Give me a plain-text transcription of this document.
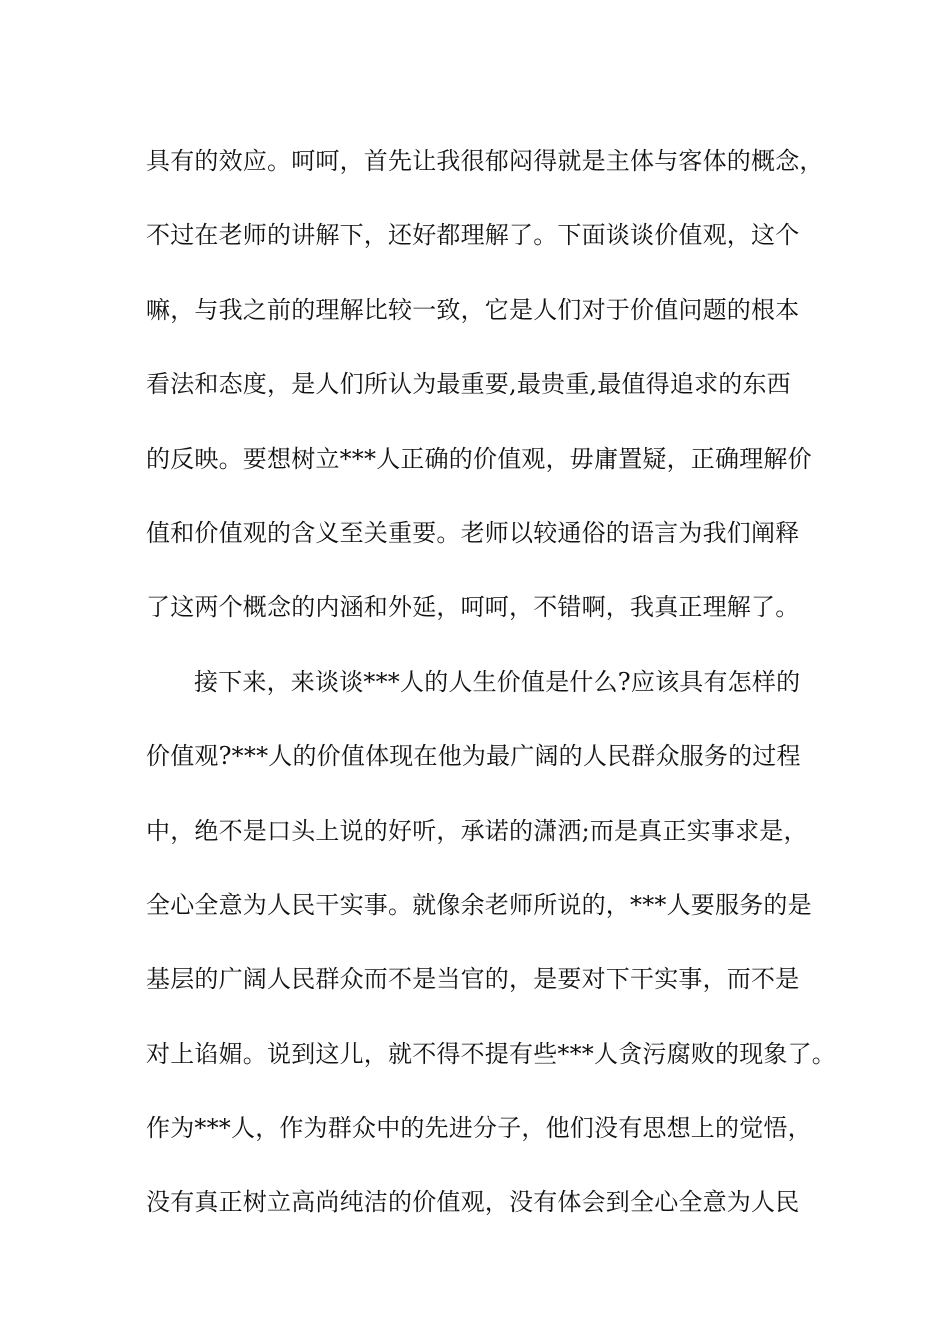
具有的效应。呵呵，首先让我很郁闷得就是主体与客体的概念，
不过在老师的讲解下，还好都理解了。下面谈谈价值观，这个
嘛，与我之前的理解比较一致，它是人们对于价值问题的根本
看法和态度，是人们所认为最重要,最贵重,最值得追求的东西
的反映。要想树立***人正确的价值观，毋庸置疑，正确理解价
值和价值观的含义至关重要。老师以较通俗的语言为我们阐释
了这两个概念的内涵和外延，呵呵，不错啊，我真正理解了。
接下来，来谈谈***人的人生价值是什么?应该具有怎样的
价值观?***人的价值体现在他为最广阔的人民群众服务的过程
中，绝不是口头上说的好听，承诺的潇洒;而是真正实事求是，
全心全意为人民干实事。就像余老师所说的，***人要服务的是
基层的广阔人民群众而不是当官的，是要对下干实事，而不是
对上谄媚。说到这儿，就不得不提有些***人贪污腐败的现象了。
作为***人，作为群众中的先进分子，他们没有思想上的觉悟，
没有真正树立高尚纯洁的价值观，没有体会到全心全意为人民
